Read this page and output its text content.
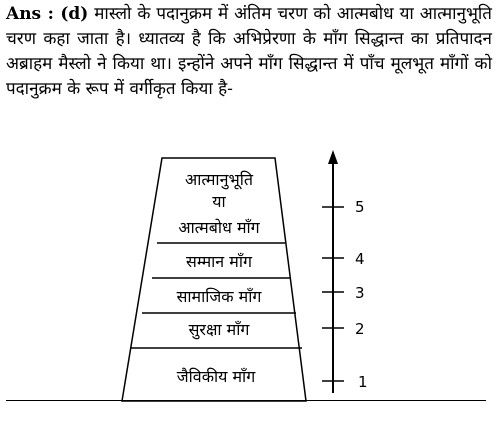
Ans : (d) मास्लो के पदानुक्रम में अंतिम चरण को आत्मबोध या आत्मानुभूति चरण कहा जाता है। ध्यातव्य है कि अभिप्रेरणा के माँग सिद्धान्त का प्रतिपादन अब्राहम मैस्लो ने किया था। इन्होंने अपने माँग सिद्धान्त में पाँच मूलभूत माँगों को पदानुक्रम के रूप में वर्गीकृत किया है-
आत्मानुभूति
या
आत्मबोध माँग
सम्मान माँग
सामाजिक माँग
सुरक्षा माँग
जैविकीय माँग
5
4
3
2
1
